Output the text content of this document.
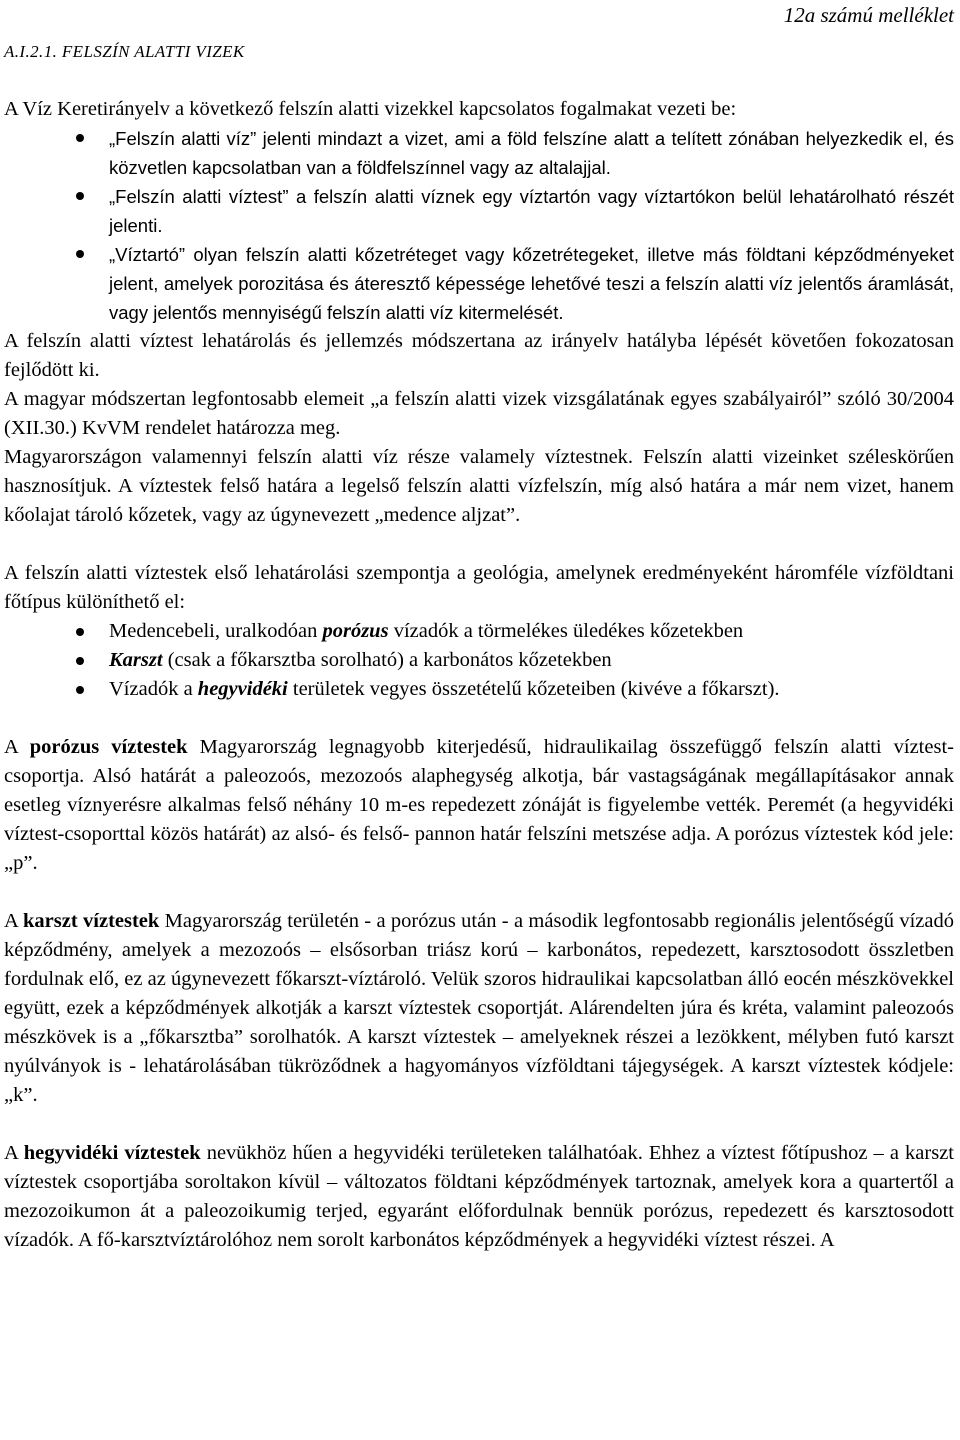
12a számú melléklet
A.I.2.1. FELSZÍN ALATTI VIZEK

A Víz Keretirányelv a következő felszín alatti vizekkel kapcsolatos fogalmakat vezeti be:

„Felszín alatti víz” jelenti mindazt a vizet, ami a föld felszíne alatt a telített zónában helyezkedik el, és közvetlen kapcsolatban van a földfelszínnel vagy az altalajjal.
„Felszín alatti víztest” a felszín alatti víznek egy víztartón vagy víztartókon belül lehatárolható részét jelenti.
„Víztartó” olyan felszín alatti kőzetréteget vagy kőzetrétegeket, illetve más földtani képződményeket jelent, amelyek porozitása és áteresztő képessége lehetővé teszi a felszín alatti víz jelentős áramlását, vagy jelentős mennyiségű felszín alatti víz kitermelését.

A felszín alatti víztest lehatárolás és jellemzés módszertana az irányelv hatályba lépését követően fokozatosan fejlődött ki.

A magyar módszertan legfontosabb elemeit „a felszín alatti vizek vizsgálatának egyes szabályairól” szóló 30/2004 (XII.30.) KvVM rendelet határozza meg.

Magyarországon valamennyi felszín alatti víz része valamely víztestnek. Felszín alatti vizeinket széleskörűen hasznosítjuk. A víztestek felső határa a legelső felszín alatti vízfelszín, míg alsó határa a már nem vizet, hanem kőolajat tároló kőzetek, vagy az úgynevezett „medence aljzat”.

A felszín alatti víztestek első lehatárolási szempontja a geológia, amelynek eredményeként háromféle vízföldtani főtípus különíthető el:

Medencebeli, uralkodóan porózus vízadók a törmelékes üledékes kőzetekben
Karszt (csak a főkarsztba sorolható) a karbonátos kőzetekben
Vízadók a hegyvidéki területek vegyes összetételű kőzeteiben (kivéve a főkarszt).

A porózus víztestek Magyarország legnagyobb kiterjedésű, hidraulikailag összefüggő felszín alatti víztest-csoportja. Alsó határát a paleozoós, mezozoós alaphegység alkotja, bár vastagságának megállapításakor annak esetleg víznyerésre alkalmas felső néhány 10 m-es repedezett zónáját is figyelembe vették. Peremét (a hegyvidéki víztest-csoporttal közös határát) az alsó- és felső- pannon határ felszíni metszése adja. A porózus víztestek kód jele: „p”.

A karszt víztestek Magyarország területén - a porózus után - a második legfontosabb regionális jelentőségű vízadó képződmény, amelyek a mezozoós – elsősorban triász korú – karbonátos, repedezett, karsztosodott összletben fordulnak elő, ez az úgynevezett főkarszt-víztároló. Velük szoros hidraulikai kapcsolatban álló eocén mészkövekkel együtt, ezek a képződmények alkotják a karszt víztestek csoportját. Alárendelten júra és kréta, valamint paleozoós mészkövek is a „főkarsztba” sorolhatók. A karszt víztestek – amelyeknek részei a lezökkent, mélyben futó karszt nyúlványok is - lehatárolásában tükröződnek a hagyományos vízföldtani tájegységek. A karszt víztestek kódjele: „k”.

A hegyvidéki víztestek nevükhöz hűen a hegyvidéki területeken találhatóak. Ehhez a víztest főtípushoz – a karszt víztestek csoportjába soroltakon kívül – változatos földtani képződmények tartoznak, amelyek kora a quartertől a mezozoikumon át a paleozoikumig terjed, egyaránt előfordulnak bennük porózus, repedezett és karsztosodott vízadók. A fő-karsztvíztárolóhoz nem sorolt karbonátos képződmények a hegyvidéki víztest részei. A
